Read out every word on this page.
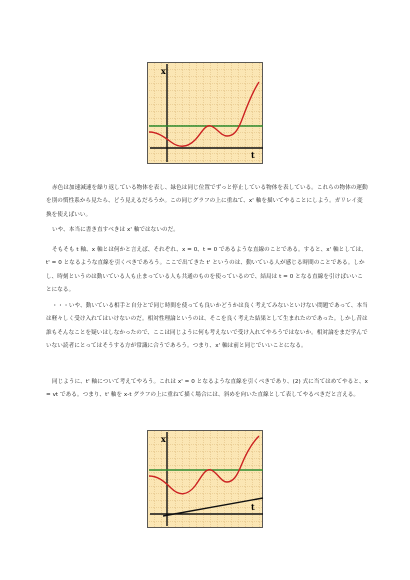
x'
t

赤色は加速減速を繰り返している物体を表し、緑色は同じ位置でずっと停止している物体を表している。これらの物体の運動を別の慣性系から見たら、どう見えるだろうか。この同じグラフの上に重ねて、x' 軸を描いてやることにしよう。ガリレイ変換を使えばいい。

いや、本当に書き直すべきは x' 軸ではないのだ。

そもそも t 軸、x 軸とは何かと言えば、それぞれ、x = 0、t = 0 であるような直線のことである。すると、x' 軸としては、t' = 0 となるような直線を引くべきであろう。ここで出てきた t' というのは、動いている人が感じる時間のことである。しかし、時刻というのは動いている人も止まっている人も共通のものを使っているので、結局は t = 0 となる直線を引けばいいことになる。

・・・いや、動いている相手と自分とで同じ時間を使っても良いかどうかは良く考えてみないといけない問題であって、本当は軽々しく受け入れてはいけないのだ。相対性理論というのは、そこを良く考えた結果として生まれたのであった。しかし昔は誰もそんなことを疑いはしなかったので、ここは同じように何も考えないで受け入れてやろうではないか。相対論をまだ学んでいない読者にとってはそうする方が常識に合うであろう。つまり、x' 軸は前と同じでいいことになる。

同じように、t' 軸について考えてやろう。これは x' = 0 となるような直線を引くべきであり、(2) 式に当てはめてやると、x = vt である。つまり、t' 軸を x-t グラフの上に重ねて描く場合には、斜めを向いた直線として表してやるべきだと言える。

x'
t
